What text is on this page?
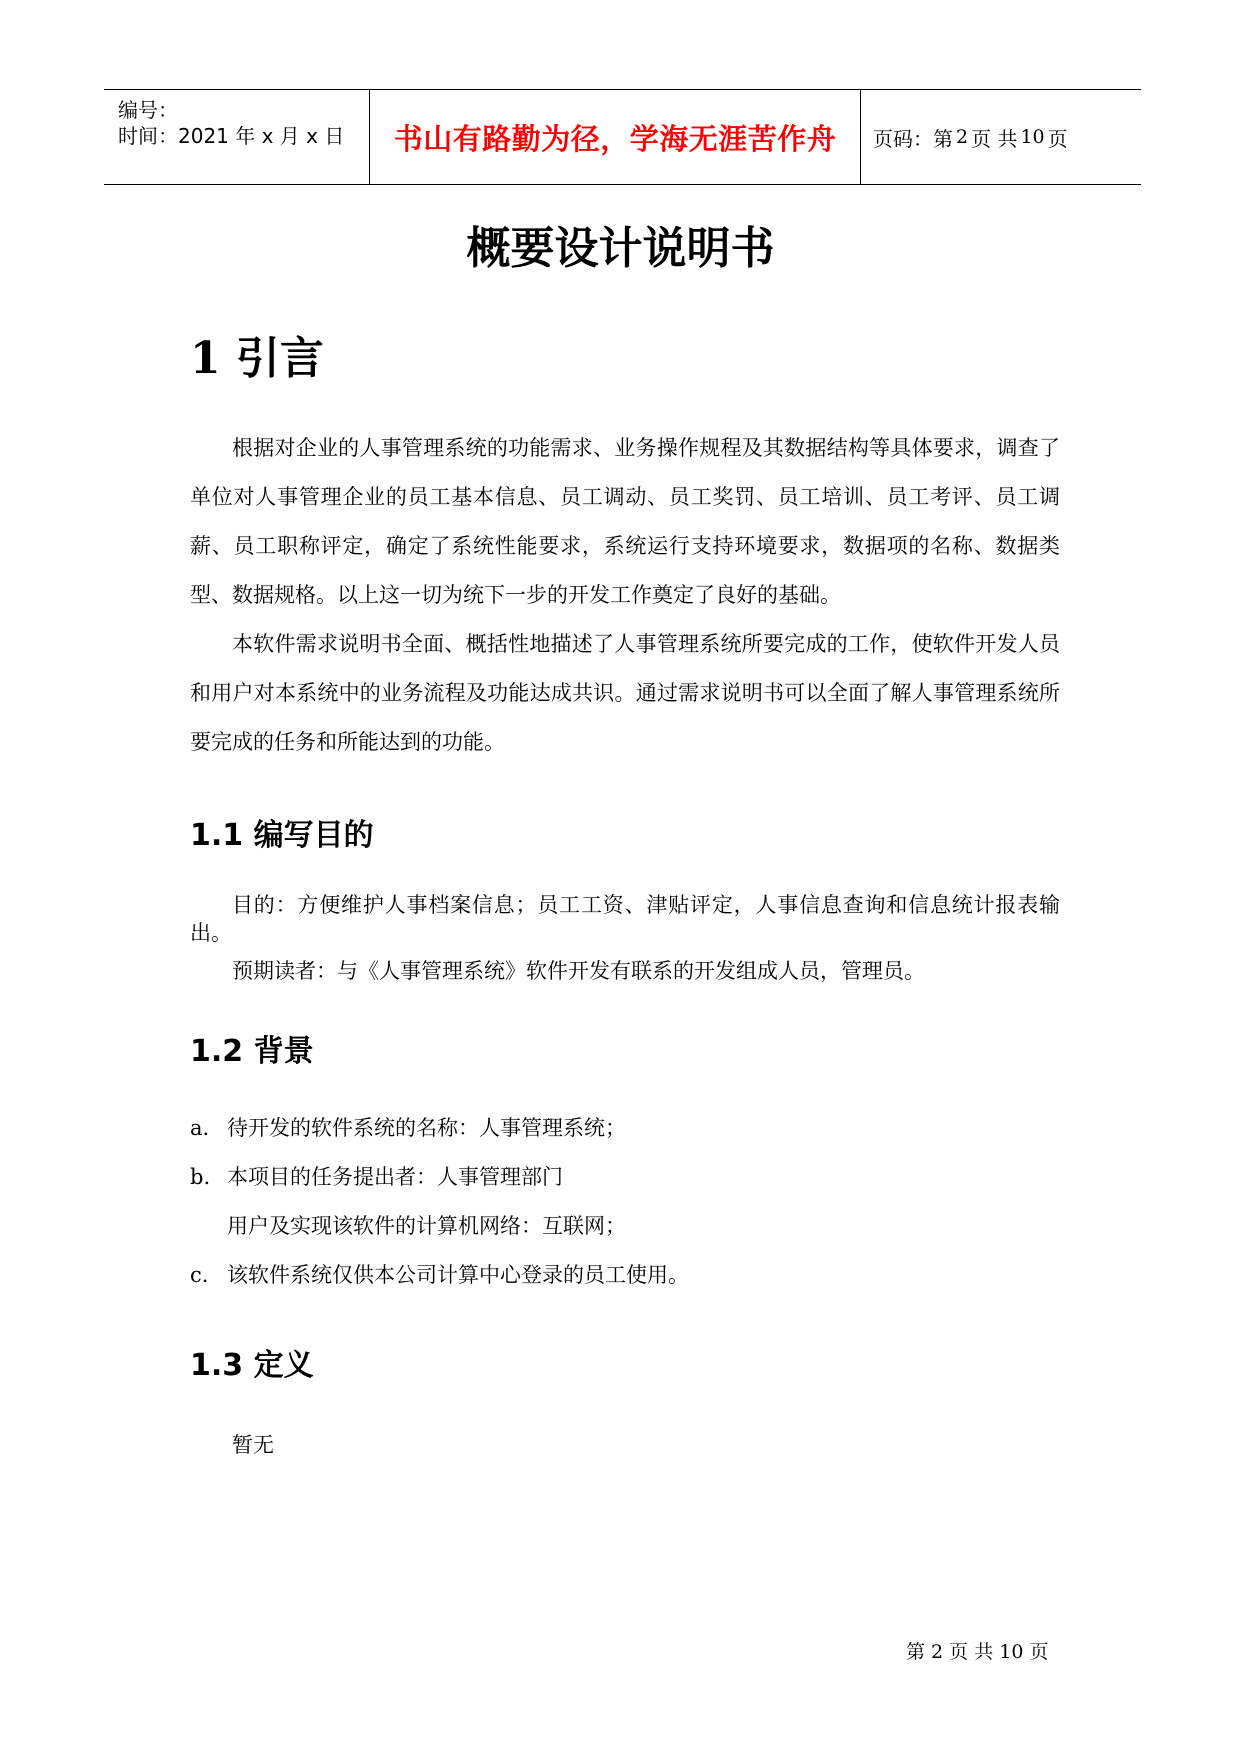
编号：
时间：2021 年 x 月 x 日 书山有路勤为径，学海无涯苦作舟 页码：第 2 页 共 10 页
概要设计说明书
1 引言

根据对企业的人事管理系统的功能需求、业务操作规程及其数据结构等具体要求，调查了单位对人事管理企业的员工基本信息、员工调动、员工奖罚、员工培训、员工考评、员工调薪、员工职称评定，确定了系统性能要求，系统运行支持环境要求，数据项的名称、数据类型、数据规格。以上这一切为统下一步的开发工作奠定了良好的基础。

本软件需求说明书全面、概括性地描述了人事管理系统所要完成的工作，使软件开发人员和用户对本系统中的业务流程及功能达成共识。通过需求说明书可以全面了解人事管理系统所要完成的任务和所能达到的功能。

1.1 编写目的

目的：方便维护人事档案信息；员工工资、津贴评定，人事信息查询和信息统计报表输出。

预期读者：与《人事管理系统》软件开发有联系的开发组成人员，管理员。
1.2 背景
a. 待开发的软件系统的名称：人事管理系统；
b. 本项目的任务提出者：人事管理部门
用户及实现该软件的计算机网络：互联网；
c. 该软件系统仅供本公司计算中心登录的员工使用。
1.3 定义
暂无
第 2 页 共 10 页
